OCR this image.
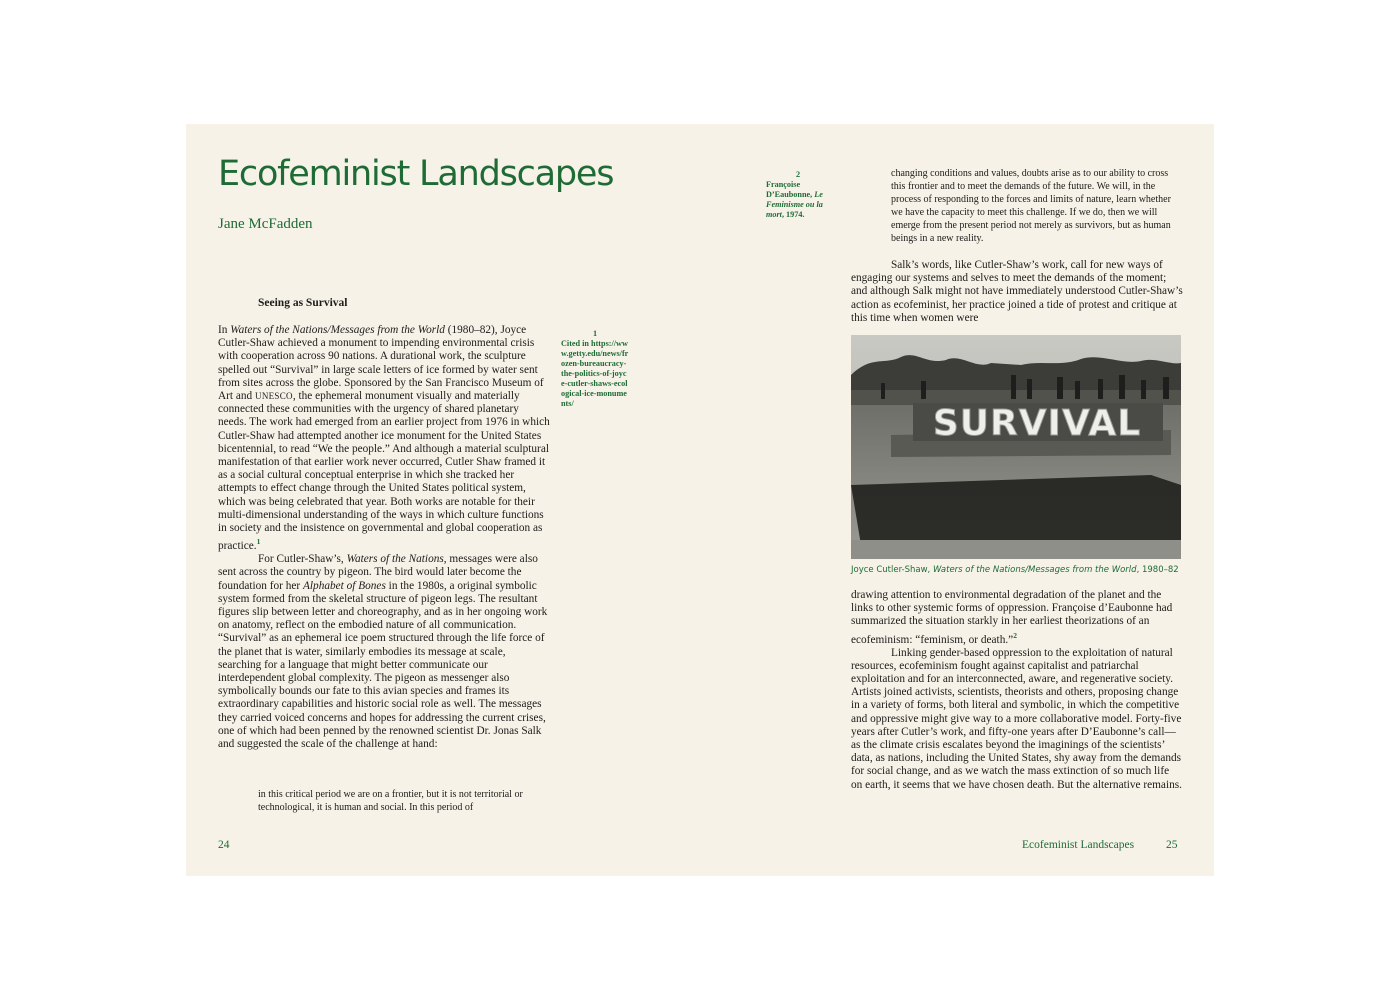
Ecofeminist Landscapes
Jane McFadden
Seeing as Survival

In Waters of the Nations/Messages from the World (1980–82), Joyce Cutler-Shaw achieved a monument to impending environmental crisis with cooperation across 90 nations. A durational work, the sculpture spelled out “Survival” in large scale letters of ice formed by water sent from sites across the globe. Sponsored by the San Francisco Museum of Art and UNESCO, the ephemeral monument visually and materially connected these communities with the urgency of shared planetary needs. The work had emerged from an earlier project from 1976 in which Cutler-Shaw had attempted another ice monument for the United States bicentennial, to read “We the people.” And although a material sculptural manifestation of that earlier work never occurred, Cutler Shaw framed it as a social cultural conceptual enterprise in which she tracked her attempts to effect change through the United States political system, which was being celebrated that year. Both works are notable for their multi-dimensional understanding of the ways in which culture functions in society and the insistence on governmental and global cooperation as practice.$^1$

For Cutler-Shaw’s, Waters of the Nations, messages were also sent across the country by pigeon. The bird would later become the foundation for her Alphabet of Bones in the 1980s, a original symbolic system formed from the skeletal structure of pigeon legs. The resultant figures slip between letter and choreography, and as in her ongoing work on anatomy, reflect on the embodied nature of all communication. “Survival” as an ephemeral ice poem structured through the life force of the planet that is water, similarly embodies its message at scale, searching for a language that might better communicate our interdependent global complexity. The pigeon as messenger also symbolically bounds our fate to this avian species and frames its extraordinary capabilities and historic social role as well. The messages they carried voiced concerns and hopes for addressing the current crises, one of which had been penned by the renowned scientist Dr. Jonas Salk and suggested the scale of the challenge at hand:

in this critical period we are on a frontier, but it is not territorial or technological, it is human and social. In this period of
1
Cited in https://www.getty.edu/news/frozen-bureaucracy-the-politics-of-joyce-cutler-shaws-ecological-ice-monuments/
24
2
Françoise D’Eaubonne, Le Feminisme ou la mort, 1974.
changing conditions and values, doubts arise as to our ability to cross this frontier and to meet the demands of the future. We will, in the process of responding to the forces and limits of nature, learn whether we have the capacity to meet this challenge. If we do, then we will emerge from the present period not merely as survivors, but as human beings in a new reality.

Salk’s words, like Cutler-Shaw’s work, call for new ways of engaging our systems and selves to meet the demands of the moment; and although Salk might not have immediately understood Cutler-Shaw’s action as ecofeminist, her practice joined a tide of protest and critique at this time when women were

SURVIVAL
Joyce Cutler-Shaw, Waters of the Nations/Messages from the World, 1980–82

drawing attention to environmental degradation of the planet and the links to other systemic forms of oppression. Françoise d’Eaubonne had summarized the situation starkly in her earliest theorizations of an ecofeminism: “feminism, or death.”$^2$

Linking gender-based oppression to the exploitation of natural resources, ecofeminism fought against capitalist and patriarchal exploitation and for an interconnected, aware, and regenerative society. Artists joined activists, scientists, theorists and others, proposing change in a variety of forms, both literal and symbolic, in which the competitive and oppressive might give way to a more collaborative model. Forty-five years after Cutler’s work, and fifty-one years after D’Eaubonne’s call—as the climate crisis escalates beyond the imaginings of the scientists’ data, as nations, including the United States, shy away from the demands for social change, and as we watch the mass extinction of so much life on earth, it seems that we have chosen death. But the alternative remains.

Ecofeminist Landscapes	25
